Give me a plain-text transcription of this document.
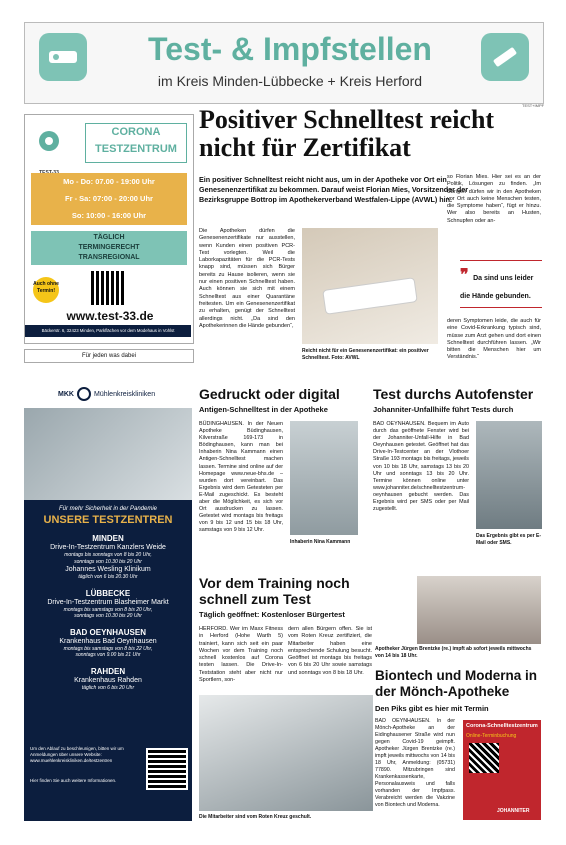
Test- & Impfstellen
im Kreis Minden-Lübbecke + Kreis Herford
TEST+IMPF
CORONA
TESTZENTRUM
Mo - Do: 07.00 - 19:00 Uhr
Fr - Sa: 07:00 - 20:00 Uhr
So: 10:00 - 16:00 Uhr
TÄGLICH
TERMINGERECHT
TRANSREGIONAL
Auch ohne Termin!
www.test-33.de
Bäckerstr. 6, 32423 Minden, Parkflächen vor dem Modehaus in Vohlst
Für jeden was dabei
MKK	Mühlenkreiskliniken
Für mehr Sicherheit in der Pandemie
UNSERE TESTZENTREN
MINDEN
Drive-In-Testzentrum Kanzlers Weide
montags bis sonntags von 8 bis 20 Uhr,
sonntags von 10.30 bis 20 Uhr
Johannes Wesling Klinikum
täglich von 6 bis 20.30 Uhr
LÜBBECKE
Drive-In-Testzentrum Blasheimer Markt
montags bis samstags von 8 bis 20 Uhr,
sonntags von 10.30 bis 20 Uhr
BAD OEYNHAUSEN
Krankenhaus Bad Oeynhausen
montags bis samstags von 8 bis 22 Uhr,
sonntags von 9.00 bis 21 Uhr
RAHDEN
Krankenhaus Rahden
täglich von 6 bis 20 Uhr
Um den Ablauf zu beschleunigen, bitten wir um Anmeldungen über unsere Website: www.muehlenkreiskliniken.de/testzentren
Hier finden Sie auch weitere Informationen.
Positiver Schnelltest reicht nicht für Zertifikat
Ein positiver Schnelltest reicht nicht aus, um in der Apotheke vor Ort ein Genesenenzertifikat zu bekommen. Darauf weist Florian Mies, Vorsitzender der Bezirksgruppe Bottrop im Apothekerverband Westfalen-Lippe (AVWL) hin.
Die Apotheken dürfen die Genesenenzertifikate nur ausstellen, wenn Kunden einen positiven PCR-Test vorlegten. Weil die Laborkapazitäten für die PCR-Tests knapp sind, müssen sich Bürger bereits zu Hause isolieren, wenn sie nur einen positiven Schnelltest haben. Auch können sie sich mit einem Schnelltest aus einer Quarantäne freitesten. Um ein Genesenenzertifikat zu erhalten, genügt der Schnelltest allerdings nicht. „Da sind den Apothekerinnen die Hände gebunden“,
Reicht nicht für ein Genesenenzertifikat: ein positiver Schnelltest. Foto: AVWL
so Florian Mies. Hier sei es an der Politik, Lösungen zu finden. „Im Übrigen dürfen wir in den Apotheken vor Ort auch keine Menschen testen, die Symptome haben“, fügt er hinzu. Wer also bereits an Husten, Schnupfen oder an-
❞ Da sind uns leider die Hände gebunden.
deren Symptomen leide, die auch für eine Covid-Erkrankung typisch sind, müsse zum Arzt gehen und dort einen Schnelltest durchführen lassen. „Wir bitten die Menschen hier um Verständnis.“
Gedruckt oder digital
Antigen-Schnelltest in der Apotheke
BÜDINGHAUSEN. In der Neuen Apotheke Büdinghausen, Kilverstraße 169-173 in Bödinghausen, kann man bei Inhaberin Nina Kammann einen Antigen-Schnelltest machen lassen. Termine sind online auf der Homepage www.neue-bhs.de – wurden dort vereinbart. Das Ergebnis wird dem Getesteten per E-Mail zugeschickt. Es besteht aber die Möglichkeit, es sich vor Ort ausdrucken zu lassen. Getestet wird montags bis freitags von 9 bis 12 und 15 bis 18 Uhr, samstags von 9 bis 12 Uhr.
Inhaberin Nina Kammann
Test durchs Autofenster
Johanniter-Unfallhilfe führt Tests durch
BAD OEYNHAUSEN. Bequem im Auto durch das geöffnete Fenster wird bei der Johanniter-Unfall-Hilfe in Bad Oeynhausen getestet. Geöffnet hat das Drive-In-Testcenter an der Vlothoer Straße 193 montags bis freitags, jeweils von 10 bis 18 Uhr, samstags 13 bis 20 Uhr und sonntags 13 bis 20 Uhr. Termine können online unter www.johanniter.de/schnelltestzentrum-oeynhausen gebucht werden. Das Ergebnis wird per SMS oder per Mail zugestellt.
Das Ergebnis gibt es per E-Mail oder SMS.
Vor dem Training noch schnell zum Test
Täglich geöffnet: Kostenloser Bürgertest
HERFORD. Wer im Maxx Fitness in Herford (Hohe Warth 5) trainiert, kann sich seit ein paar Wochen vor dem Training noch schnell kostenlos auf Corona testen lassen. Die Drive-In-Teststation steht aber nicht nur Sportlern, son-
dern allen Bürgern offen. Sie ist vom Roten Kreuz zertifiziert, die Mitarbeiter haben eine entsprechende Schulung besucht. Geöffnet ist montags bis freitags von 6 bis 20 Uhr sowie samstags und sonntags von 8 bis 18 Uhr.
Die Mitarbeiter sind vom Roten Kreuz geschult.
Apotheker Jürgen Brentzke (re.) impft ab sofort jeweils mittwochs von 14 bis 18 Uhr.
Biontech und Moderna in der Mönch-Apotheke
Den Piks gibt es hier mit Termin
BAD OEYNHAUSEN. In der Mönch-Apotheke an der Eidinghausener Straße wird nun gegen Covid-19 geimpft. Apotheker Jürgen Brentzke (re.) impft jeweils mittwochs von 14 bis 18 Uhr, Anmeldung: (05731) 77890. Mitzubringen sind Krankenkassenkarte, Personalausweis und falls vorhanden der Impfpass. Verabreicht werden die Vakzine von Biontech und Moderna.
Corona-Schnelltestzentrum
Online-Terminbuchung
JOHANNITER
